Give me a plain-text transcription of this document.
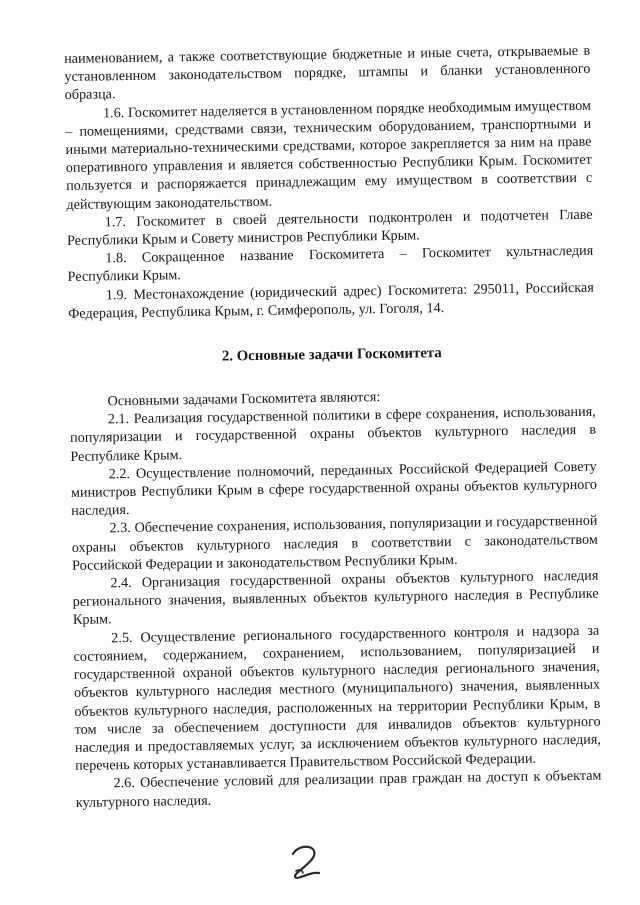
наименованием, а также соответствующие бюджетные и иные счета, открываемые в установленном законодательством порядке, штампы и бланки установленного образца.

1.6. Госкомитет наделяется в установленном порядке необходимым имуществом – помещениями, средствами связи, техническим оборудованием, транспортными и иными материально-техническими средствами, которое закрепляется за ним на праве оперативного управления и является собственностью Республики Крым. Госкомитет пользуется и распоряжается принадлежащим ему имуществом в соответствии с действующим законодательством.

1.7. Госкомитет в своей деятельности подконтролен и подотчетен Главе Республики Крым и Совету министров Республики Крым.

1.8. Сокращенное название Госкомитета – Госкомитет культнаследия Республики Крым.

1.9. Местонахождение (юридический адрес) Госкомитета: 295011, Российская Федерация, Республика Крым, г. Симферополь, ул. Гоголя, 14.

2. Основные задачи Госкомитета

Основными задачами Госкомитета являются:

2.1. Реализация государственной политики в сфере сохранения, использования, популяризации и государственной охраны объектов культурного наследия в Республике Крым.

2.2. Осуществление полномочий, переданных Российской Федерацией Совету министров Республики Крым в сфере государственной охраны объектов культурного наследия.

2.3. Обеспечение сохранения, использования, популяризации и государственной охраны объектов культурного наследия в соответствии с законодательством Российской Федерации и законодательством Республики Крым.

2.4. Организация государственной охраны объектов культурного наследия регионального значения, выявленных объектов культурного наследия в Республике Крым.

2.5. Осуществление регионального государственного контроля и надзора за состоянием, содержанием, сохранением, использованием, популяризацией и государственной охраной объектов культурного наследия регионального значения, объектов культурного наследия местного (муниципального) значения, выявленных объектов культурного наследия, расположенных на территории Республики Крым, в том числе за обеспечением доступности для инвалидов объектов культурного наследия и предоставляемых услуг, за исключением объектов культурного наследия, перечень которых устанавливается Правительством Российской Федерации.

2.6. Обеспечение условий для реализации прав граждан на доступ к объектам культурного наследия.
